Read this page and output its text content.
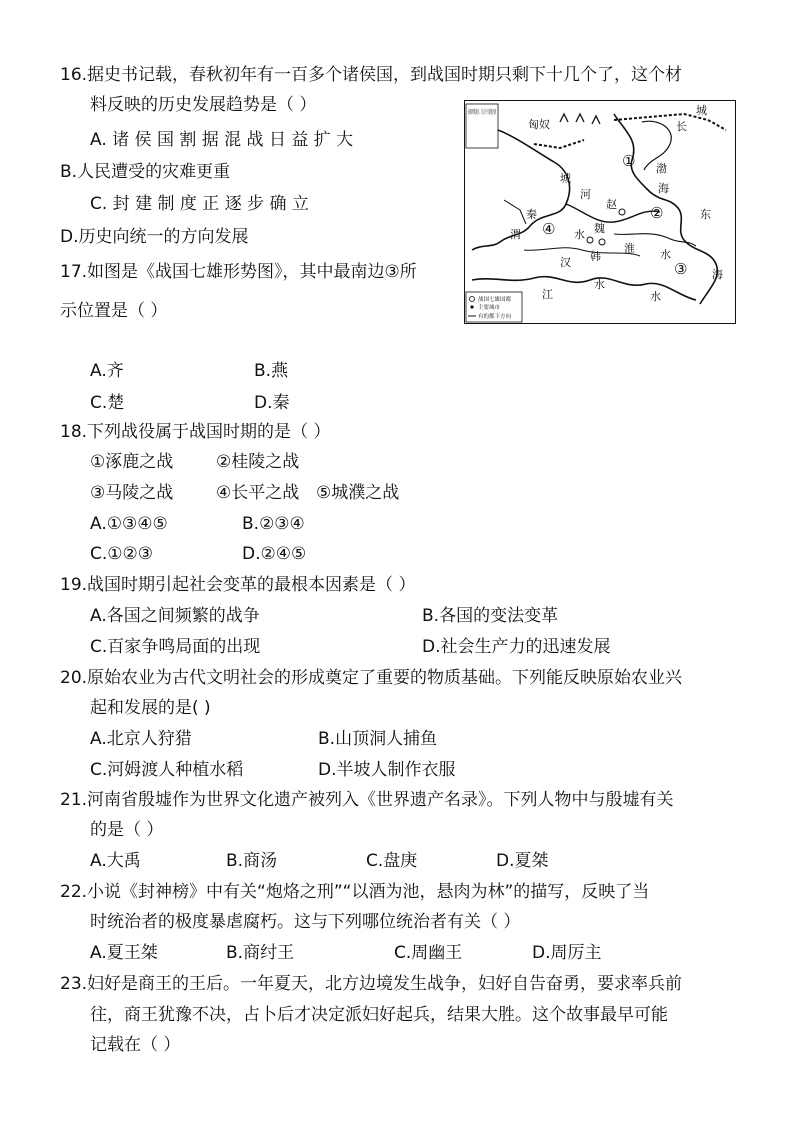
16.据史书记载，春秋初年有一百多个诸侯国，到战国时期只剩下十几个了，这个材
料反映的历史发展趋势是（ ）
A. 诸 侯 国 割 据 混 战 日 益 扩 大
B.人民遭受的灾难更重
C. 封 建 制 度 正 逐 步 确 立
D.历史向统一的方向发展
17.如图是《战国七雄形势图》，其中最南边③所
示位置是（ ）
A.齐	B.燕
C.楚	D.秦
18.下列战役属于战国时期的是（ ）
①涿鹿之战	②桂陵之战
③马陵之战	④长平之战 ⑤城濮之战
A.①③④⑤	B.②③④
C.①②③	D.②④⑤
19.战国时期引起社会变革的最根本因素是（ ）
A.各国之间频繁的战争	B.各国的变法变革
C.百家争鸣局面的出现	D.社会生产力的迅速发展
20.原始农业为古代文明社会的形成奠定了重要的物质基础。下列能反映原始农业兴
起和发展的是( )
A.北京人狩猎	B.山顶洞人捕鱼
C.河姆渡人种植水稻	D.半坡人制作衣服
21.河南省殷墟作为世界文化遗产被列入《世界遗产名录》。下列人物中与殷墟有关
的是（ ）
A.大禹	B.商汤	C.盘庚	D.夏桀
22.小说《封神榜》中有关“炮烙之刑”“以酒为池，悬肉为林”的描写，反映了当
时统治者的极度暴虐腐朽。这与下列哪位统治者有关（ ）
A.夏王桀	B.商纣王	C.周幽王	D.周厉主
23.妇好是商王的王后。一年夏天，北方边境发生战争，妇好自告奋勇，要求率兵前
往，商王犹豫不决，占卜后才决定派妇好起兵，结果大胜。这个故事最早可能
记载在（ ）
匈奴	长
城
城
渤
海
东
海
河
赵
魏
韩
秦
江
水
水
水
水
汉
淮
渭
①
②
③
④
战国七雄国都
主要城市
有的都下方向
